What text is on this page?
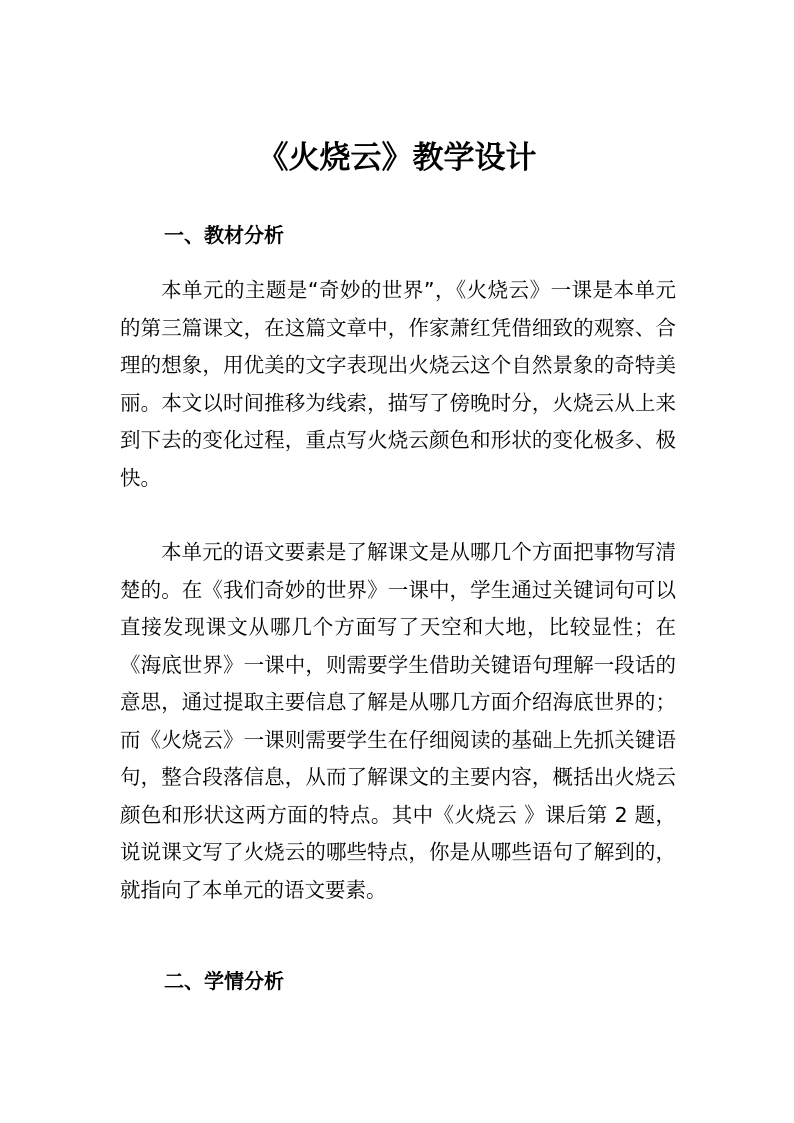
《火烧云》教学设计
一、教材分析

本单元的主题是“奇妙的世界”，《火烧云》一课是本单元的第三篇课文，在这篇文章中，作家萧红凭借细致的观察、合理的想象，用优美的文字表现出火烧云这个自然景象的奇特美丽。本文以时间推移为线索，描写了傍晚时分，火烧云从上来到下去的变化过程，重点写火烧云颜色和形状的变化极多、极快。

本单元的语文要素是了解课文是从哪几个方面把事物写清楚的。在《我们奇妙的世界》一课中，学生通过关键词句可以直接发现课文从哪几个方面写了天空和大地，比较显性；在《海底世界》一课中，则需要学生借助关键语句理解一段话的意思，通过提取主要信息了解是从哪几方面介绍海底世界的；而《火烧云》一课则需要学生在仔细阅读的基础上先抓关键语句，整合段落信息，从而了解课文的主要内容，概括出火烧云颜色和形状这两方面的特点。其中《火烧云 》课后第 2 题，说说课文写了火烧云的哪些特点，你是从哪些语句了解到的，就指向了本单元的语文要素。

二、学情分析
